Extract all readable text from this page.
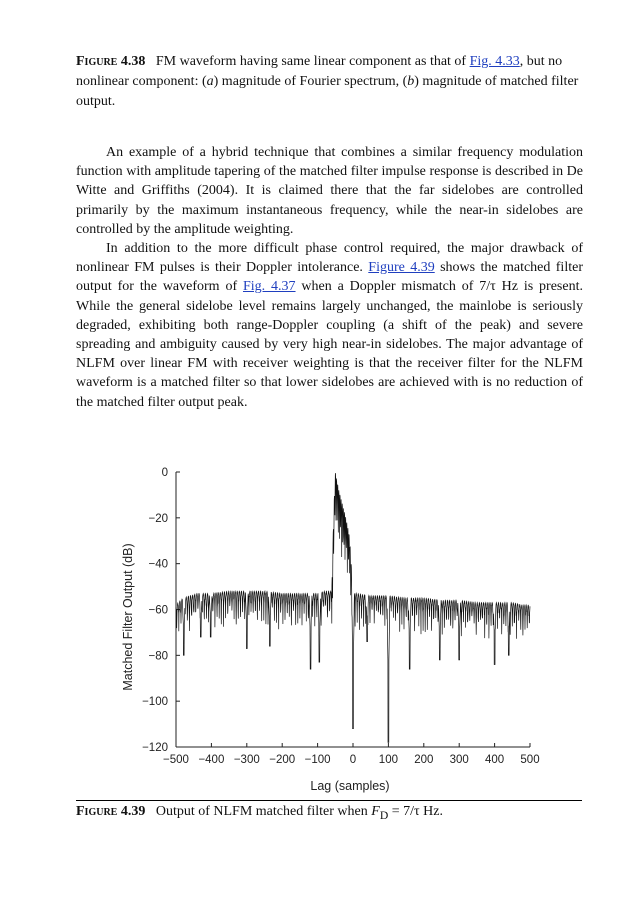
Figure 4.38 FM waveform having same linear component as that of Fig. 4.33, but no nonlinear component: (a) magnitude of Fourier spectrum, (b) magnitude of matched filter output.

An example of a hybrid technique that combines a similar frequency modulation function with amplitude tapering of the matched filter impulse response is described in De Witte and Griffiths (2004). It is claimed there that the far sidelobes are controlled primarily by the maximum instantaneous frequency, while the near-in sidelobes are controlled by the amplitude weighting.

In addition to the more difficult phase control required, the major drawback of nonlinear FM pulses is their Doppler intolerance. Figure 4.39 shows the matched filter output for the waveform of Fig. 4.37 when a Doppler mismatch of 7/τ Hz is present. While the general sidelobe level remains largely unchanged, the mainlobe is seriously degraded, exhibiting both range-Doppler coupling (a shift of the peak) and severe spreading and ambiguity caused by very high near-in sidelobes. The major advantage of NLFM over linear FM with receiver weighting is that the receiver filter for the NLFM waveform is a matched filter so that lower sidelobes are achieved with is no reduction of the matched filter output peak.

−500 −400 −300 −200 −100 0 100 200 300 400 500
0
−20
−40
−60
−80
−100
−120
Matched Filter Output (dB)
Lag (samples)
Figure 4.39 Output of NLFM matched filter when $F_D = 7/\tau$ Hz.
